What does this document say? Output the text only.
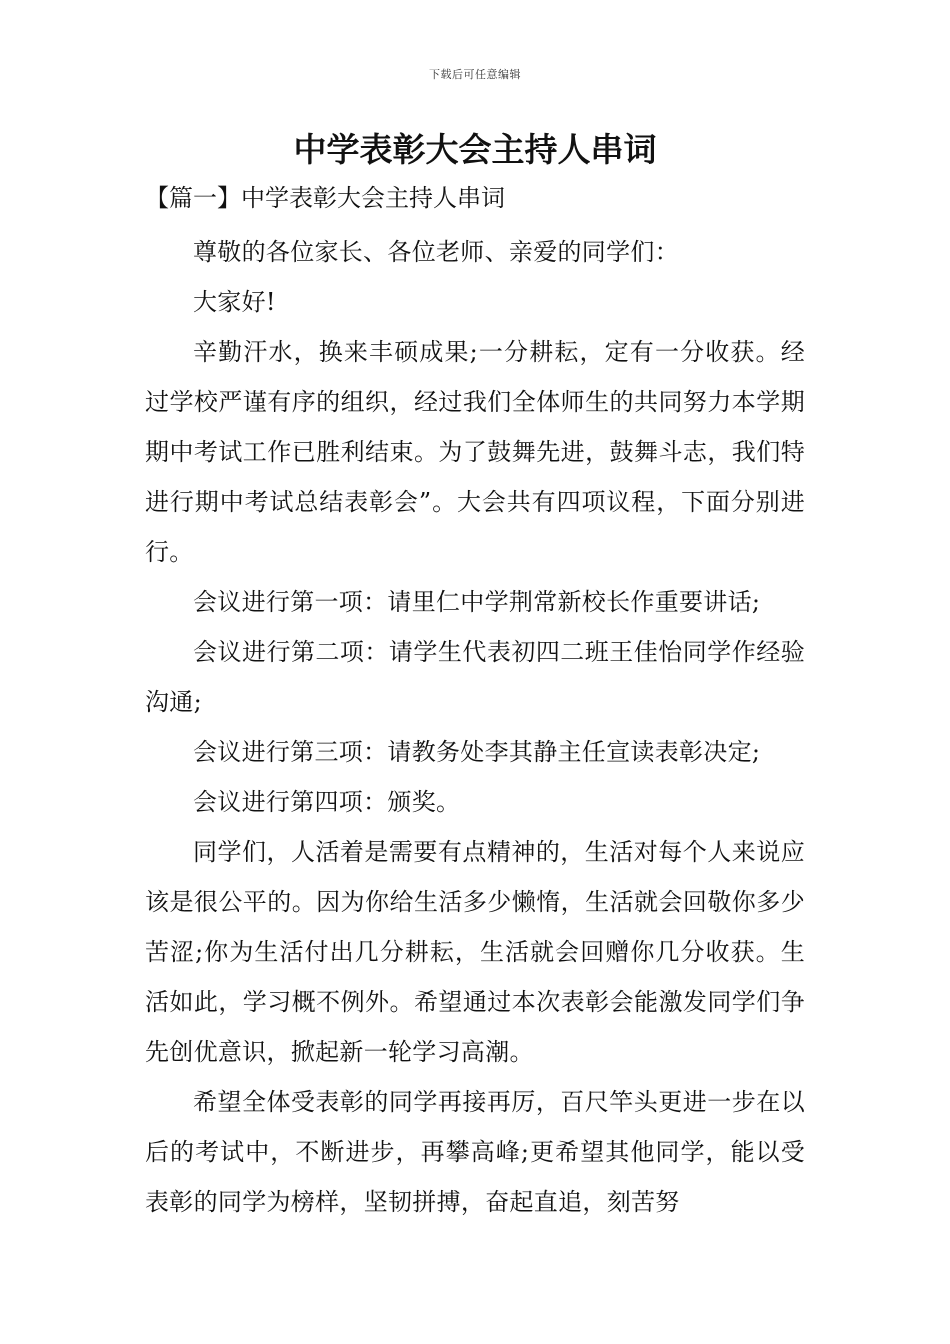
下载后可任意编辑
中学表彰大会主持人串词
【篇一】中学表彰大会主持人串词

尊敬的各位家长、各位老师、亲爱的同学们：

大家好!

辛勤汗水，换来丰硕成果;一分耕耘，定有一分收获。经过学校严谨有序的组织，经过我们全体师生的共同努力本学期期中考试工作已胜利结束。为了鼓舞先进，鼓舞斗志，我们特进行期中考试总结表彰会”。大会共有四项议程，下面分别进行。

会议进行第一项：请里仁中学荆常新校长作重要讲话;

会议进行第二项：请学生代表初四二班王佳怡同学作经验沟通;

会议进行第三项：请教务处李其静主任宣读表彰决定;

会议进行第四项：颁奖。

同学们，人活着是需要有点精神的，生活对每个人来说应该是很公平的。因为你给生活多少懒惰，生活就会回敬你多少苦涩;你为生活付出几分耕耘，生活就会回赠你几分收获。生活如此，学习概不例外。希望通过本次表彰会能激发同学们争先创优意识，掀起新一轮学习高潮。

希望全体受表彰的同学再接再厉，百尺竿头更进一步在以后的考试中，不断进步，再攀高峰;更希望其他同学，能以受表彰的同学为榜样，坚韧拼搏，奋起直追，刻苦努
